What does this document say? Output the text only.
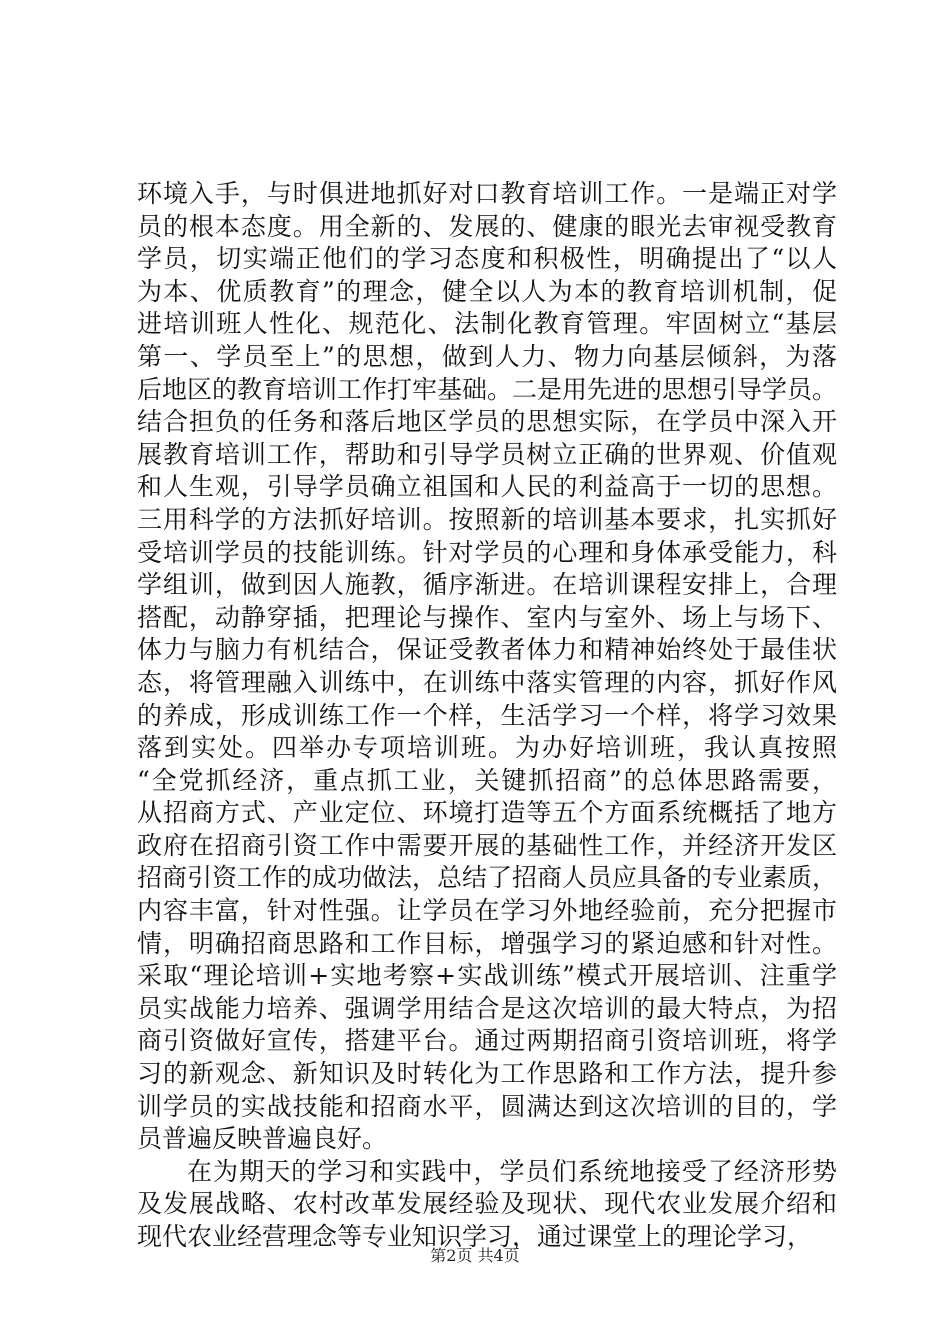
环境入手，与时俱进地抓好对口教育培训工作。一是端正对学
员的根本态度。用全新的、发展的、健康的眼光去审视受教育
学员，切实端正他们的学习态度和积极性，明确提出了“以人
为本、优质教育”的理念，健全以人为本的教育培训机制，促
进培训班人性化、规范化、法制化教育管理。牢固树立“基层
第一、学员至上”的思想，做到人力、物力向基层倾斜，为落
后地区的教育培训工作打牢基础。二是用先进的思想引导学员。
结合担负的任务和落后地区学员的思想实际，在学员中深入开
展教育培训工作，帮助和引导学员树立正确的世界观、价值观
和人生观，引导学员确立祖国和人民的利益高于一切的思想。
三用科学的方法抓好培训。按照新的培训基本要求，扎实抓好
受培训学员的技能训练。针对学员的心理和身体承受能力，科
学组训，做到因人施教，循序渐进。在培训课程安排上，合理
搭配，动静穿插，把理论与操作、室内与室外、场上与场下、
体力与脑力有机结合，保证受教者体力和精神始终处于最佳状
态，将管理融入训练中，在训练中落实管理的内容，抓好作风
的养成，形成训练工作一个样，生活学习一个样，将学习效果
落到实处。四举办专项培训班。为办好培训班，我认真按照
“全党抓经济，重点抓工业，关键抓招商”的总体思路需要，
从招商方式、产业定位、环境打造等五个方面系统概括了地方
政府在招商引资工作中需要开展的基础性工作，并经济开发区
招商引资工作的成功做法，总结了招商人员应具备的专业素质，
内容丰富，针对性强。让学员在学习外地经验前，充分把握市
情，明确招商思路和工作目标，增强学习的紧迫感和针对性。
采取“理论培训+实地考察+实战训练”模式开展培训、注重学
员实战能力培养、强调学用结合是这次培训的最大特点，为招
商引资做好宣传，搭建平台。通过两期招商引资培训班，将学
习的新观念、新知识及时转化为工作思路和工作方法，提升参
训学员的实战技能和招商水平，圆满达到这次培训的目的，学
员普遍反映普遍良好。
在为期天的学习和实践中，学员们系统地接受了经济形势
及发展战略、农村改革发展经验及现状、现代农业发展介绍和
现代农业经营理念等专业知识学习，通过课堂上的理论学习，
第2页 共4页
